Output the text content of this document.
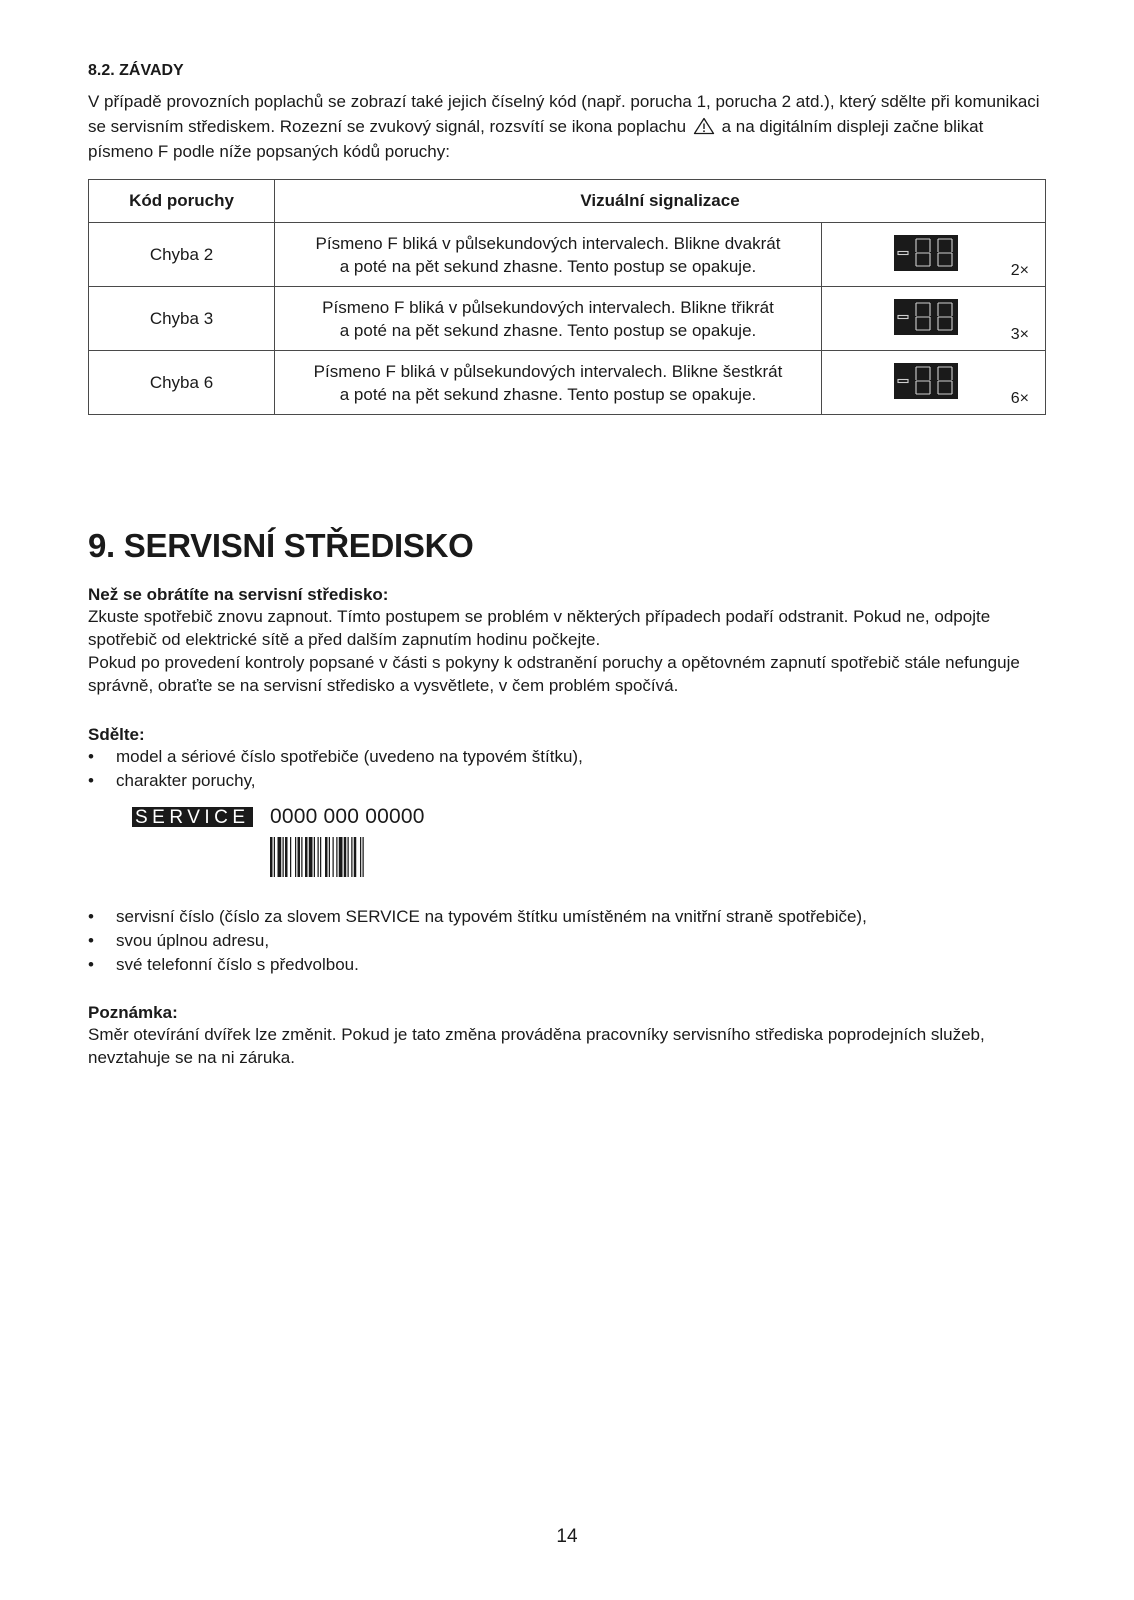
8.2. ZÁVADY

V případě provozních poplachů se zobrazí také jejich číselný kód (např. porucha 1, porucha 2 atd.), který sdělte při komunikaci se servisním střediskem. Rozezní se zvukový signál, rozsvítí se ikona poplachu a na digitálním displeji začne blikat písmeno F podle níže popsaných kódů poruchy:

Kód poruchy	Vizuální signalizace	
Chyba 2	Písmeno F bliká v půlsekundových intervalech. Blikne dvakrát
a poté na pět sekund zhasne. Tento postup se opakuje.	2×

Chyba 3	Písmeno F bliká v půlsekundových intervalech. Blikne třikrát
a poté na pět sekund zhasne. Tento postup se opakuje.	3×

Chyba 6	Písmeno F bliká v půlsekundových intervalech. Blikne šestkrát
a poté na pět sekund zhasne. Tento postup se opakuje.	6×
9. SERVISNÍ STŘEDISKO

Než se obrátíte na servisní středisko:

Zkuste spotřebič znovu zapnout. Tímto postupem se problém v některých případech podaří odstranit. Pokud ne, odpojte spotřebič od elektrické sítě a před dalším zapnutím hodinu počkejte.

Pokud po provedení kontroly popsané v části s pokyny k odstranění poruchy a opětovném zapnutí spotřebič stále nefunguje správně, obraťte se na servisní středisko a vysvětlete, v čem problém spočívá.

Sdělte:

• model a sériové číslo spotřebiče (uvedeno na typovém štítku),
• charakter poruchy,
SERVICE 0000 000 00000
• servisní číslo (číslo za slovem SERVICE na typovém štítku umístěném na vnitřní straně spotřebiče),
• svou úplnou adresu,
• své telefonní číslo s předvolbou.

Poznámka:

Směr otevírání dvířek lze změnit. Pokud je tato změna prováděna pracovníky servisního střediska poprodejních služeb, nevztahuje se na ni záruka.

14
